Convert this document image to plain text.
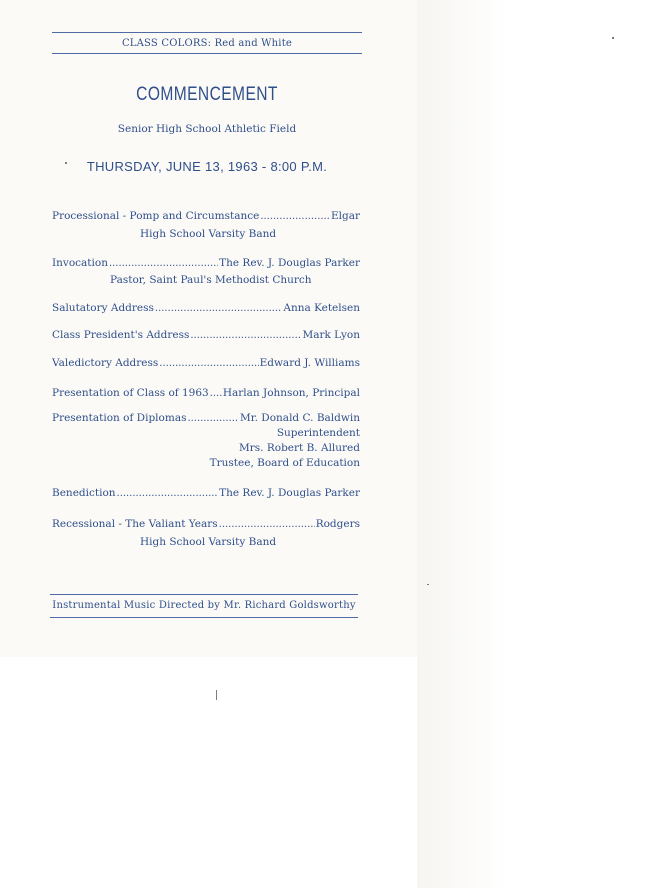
CLASS COLORS: Red and White
COMMENCEMENT
Senior High School Athletic Field
THURSDAY, JUNE 13, 1963 - 8:00 P.M.
Processional - Pomp and Circumstance . . .	Elgar
High School Varsity Band
Invocation . . .	The Rev. J. Douglas Parker
Pastor, Saint Paul's Methodist Church
Salutatory Address . . .	Anna Ketelsen
Class President's Address . . .	Mark Lyon
Valedictory Address . . .	Edward J. Williams
Presentation of Class of 1963 . . . Harlan Johnson, Principal
Presentation of Diplomas . . .	Mr. Donald C. Baldwin
Superintendent
Mrs. Robert B. Allured
Trustee, Board of Education
Benediction . . .	The Rev. J. Douglas Parker
Recessional - The Valiant Years . . .	Rodgers
High School Varsity Band
Instrumental Music Directed by Mr. Richard Goldsworthy
